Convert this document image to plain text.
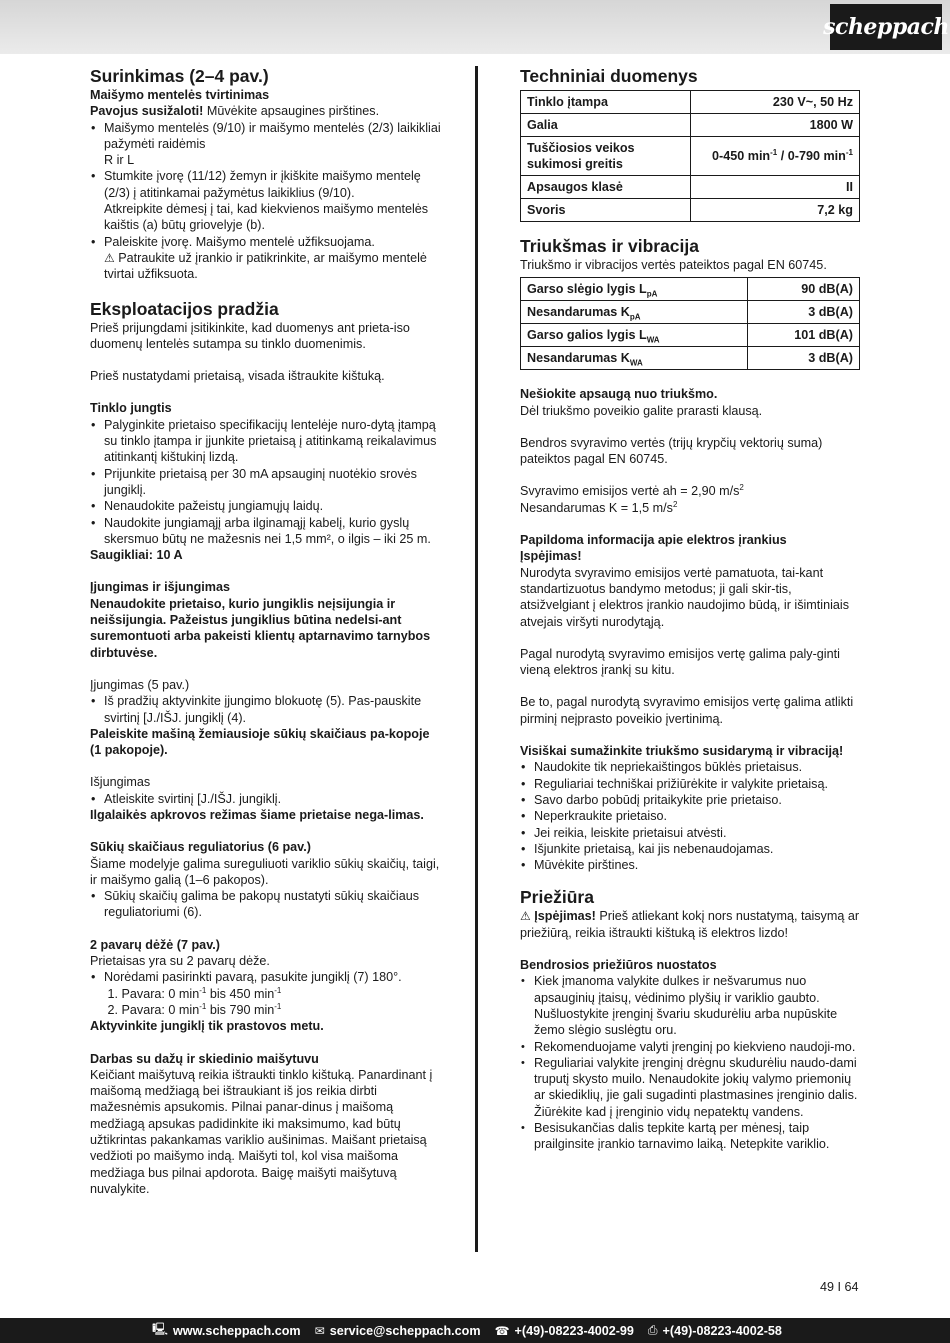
scheppach
Surinkimas (2–4 pav.)
Maišymo mentelės tvirtinimas
Pavojus susižaloti! Mūvėkite apsaugines pirštines.
• Maišymo mentelės (9/10) ir maišymo mentelės (2/3) laikikliai pažymėti raidėmis
R ir L
• Stumkite įvorę (11/12) žemyn ir įkiškite maišymo mentelę (2/3) į atitinkamai pažymėtus laikiklius (9/10).
Atkreipkite dėmesį į tai, kad kiekvienos maišymo mentelės kaištis (a) būtų griovelyje (b).
• Paleiskite įvorę. Maišymo mentelė užfiksuojama.
⚠ Patraukite už įrankio ir patikrinkite, ar maišymo mentelė tvirtai užfiksuota.
Eksploatacijos pradžia
Prieš prijungdami įsitikinkite, kad duomenys ant prieta-iso duomenų lentelės sutampa su tinklo duomenimis.
Prieš nustatydami prietaisą, visada ištraukite kištuką.
Tinklo jungtis
• Palyginkite prietaiso specifikacijų lentelėje nuro-dytą įtampą su tinklo įtampa ir įjunkite prietaisą į atitinkamą reikalavimus atitinkantį kištukinį lizdą.
• Prijunkite prietaisą per 30 mA apsauginį nuotėkio srovės jungiklį.
• Nenaudokite pažeistų jungiamųjų laidų.
• Naudokite jungiamąjį arba ilginamąjį kabelį, kurio gyslų skersmuo būtų ne mažesnis nei 1,5 mm², o ilgis – iki 25 m.
Saugikliai: 10 A
Įjungimas ir išjungimas
Nenaudokite prietaiso, kurio jungiklis neįsijungia ir neišsijungia. Pažeistus jungiklius būtina nedelsi-ant suremontuoti arba pakeisti klientų aptarnavimo tarnybos dirbtuvėse.
Įjungimas (5 pav.)
• Iš pradžių aktyvinkite įjungimo blokuotę (5). Pas-pauskite svirtinį [J./IŠJ. jungiklį (4).
Paleiskite mašiną žemiausioje sūkių skaičiaus pa-kopoje (1 pakopoje).
Išjungimas
• Atleiskite svirtinį [J./IŠJ. jungiklį.
Ilgalaikės apkrovos režimas šiame prietaise nega-limas.
Sūkių skaičiaus reguliatorius (6 pav.)
Šiame modelyje galima sureguliuoti variklio sūkių skaičių, taigi, ir maišymo galią (1–6 pakopos).
• Sūkių skaičių galima be pakopų nustatyti sūkių skaičiaus reguliatoriumi (6).
2 pavarų dėžė (7 pav.)
Prietaisas yra su 2 pavarų dėže.
• Norėdami pasirinkti pavarą, pasukite jungiklį (7) 180°.
1. Pavara: 0 $\min^{-1}$ bis 450 $\min^{-1}$
2. Pavara: 0 $\min^{-1}$ bis 790 $\min^{-1}$
Aktyvinkite jungiklį tik prastovos metu.
Darbas su dažų ir skiedinio maišytuvu
Keičiant maišytuvą reikia ištraukti tinklo kištuką. Panardinant į maišomą medžiagą bei ištraukiant iš jos reikia dirbti mažesnėmis apsukomis. Pilnai panar-dinus į maišomą medžiagą apsukas padidinkite iki maksimumo, kad būtų užtikrintas pakankamas variklio aušinimas. Maišant prietaisą vedžioti po maišymo indą. Maišyti tol, kol visa maišoma medžiaga bus pilnai apdorota. Baigę maišyti maišytuvą nuvalykite.
Techniniai duomenys
Tinklo įtampa	230 V~, 50 Hz
Galia	1800 W
Tuščiosios veikos sukimosi greitis	0-450 $\min^{-1} / 0-790$ $\min^{-1}$
Apsaugos klasė	II
Svoris	7,2 kg
Triukšmas ir vibracija
Triukšmo ir vibracijos vertės pateiktos pagal EN 60745.
Garso slėgio lygis $L_{pA}$	90 dB(A)
Nesandarumas $K_{pA}$	3 dB(A)
Garso galios lygis $L_{WA}$	101 dB(A)
Nesandarumas $K_{WA}$	3 dB(A)
Nešiokite apsaugą nuo triukšmo.
Dėl triukšmo poveikio galite prarasti klausą.
Bendros svyravimo vertės (trijų krypčių vektorių suma) pateiktos pagal EN 60745.
Svyravimo emisijos vertė ah = 2,90 $m/s^2$
Nesandarumas K = 1,5 $m/s^2$
Papildoma informacija apie elektros įrankius
Įspėjimas!
Nurodyta svyravimo emisijos vertė pamatuota, tai-kant standartizuotus bandymo metodus; ji gali skir-tis, atsižvelgiant į elektros įrankio naudojimo būdą, ir išimtiniais atvejais viršyti nurodytąją.
Pagal nurodytą svyravimo emisijos vertę galima paly-ginti vieną elektros įrankį su kitu.
Be to, pagal nurodytą svyravimo emisijos vertę galima atlikti pirminį neįprasto poveikio įvertinimą.
Visiškai sumažinkite triukšmo susidarymą ir vibraciją!
• Naudokite tik nepriekaištingos būklės prietaisus.
• Reguliariai techniškai prižiūrėkite ir valykite prietaisą.
• Savo darbo pobūdį pritaikykite prie prietaiso.
• Neperkraukite prietaiso.
• Jei reikia, leiskite prietaisui atvėsti.
• Išjunkite prietaisą, kai jis nebenaudojamas.
• Mūvėkite pirštines.
Priežiūra
⚠ Įspėjimas! Prieš atliekant kokį nors nustatymą, taisymą ar priežiūrą, reikia ištraukti kištuką iš elektros lizdo!
Bendrosios priežiūros nuostatos
• Kiek įmanoma valykite dulkes ir nešvarumus nuo apsauginių įtaisų, vėdinimo plyšių ir variklio gaubto. Nušluostykite įrenginį švariu skudurėliu arba nupūskite žemo slėgio suslėgtu oru.
• Rekomenduojame valyti įrenginį po kiekvieno naudoji-mo.
• Reguliariai valykite įrenginį drėgnu skudurėliu naudo-dami truputį skysto muilo. Nenaudokite jokių valymo priemonių ar skiediklių, jie gali sugadinti plastmasines įrenginio dalis. Žiūrėkite kad į įrenginio vidų nepatektų vandens.
• Besisukančias dalis tepkite kartą per mėnesį, taip prailginsite įrankio tarnavimo laiką. Netepkite variklio.
49 I 64
🖳 www.scheppach.com ✉ service@scheppach.com ☎ +(49)-08223-4002-99 ⎙ +(49)-08223-4002-58
